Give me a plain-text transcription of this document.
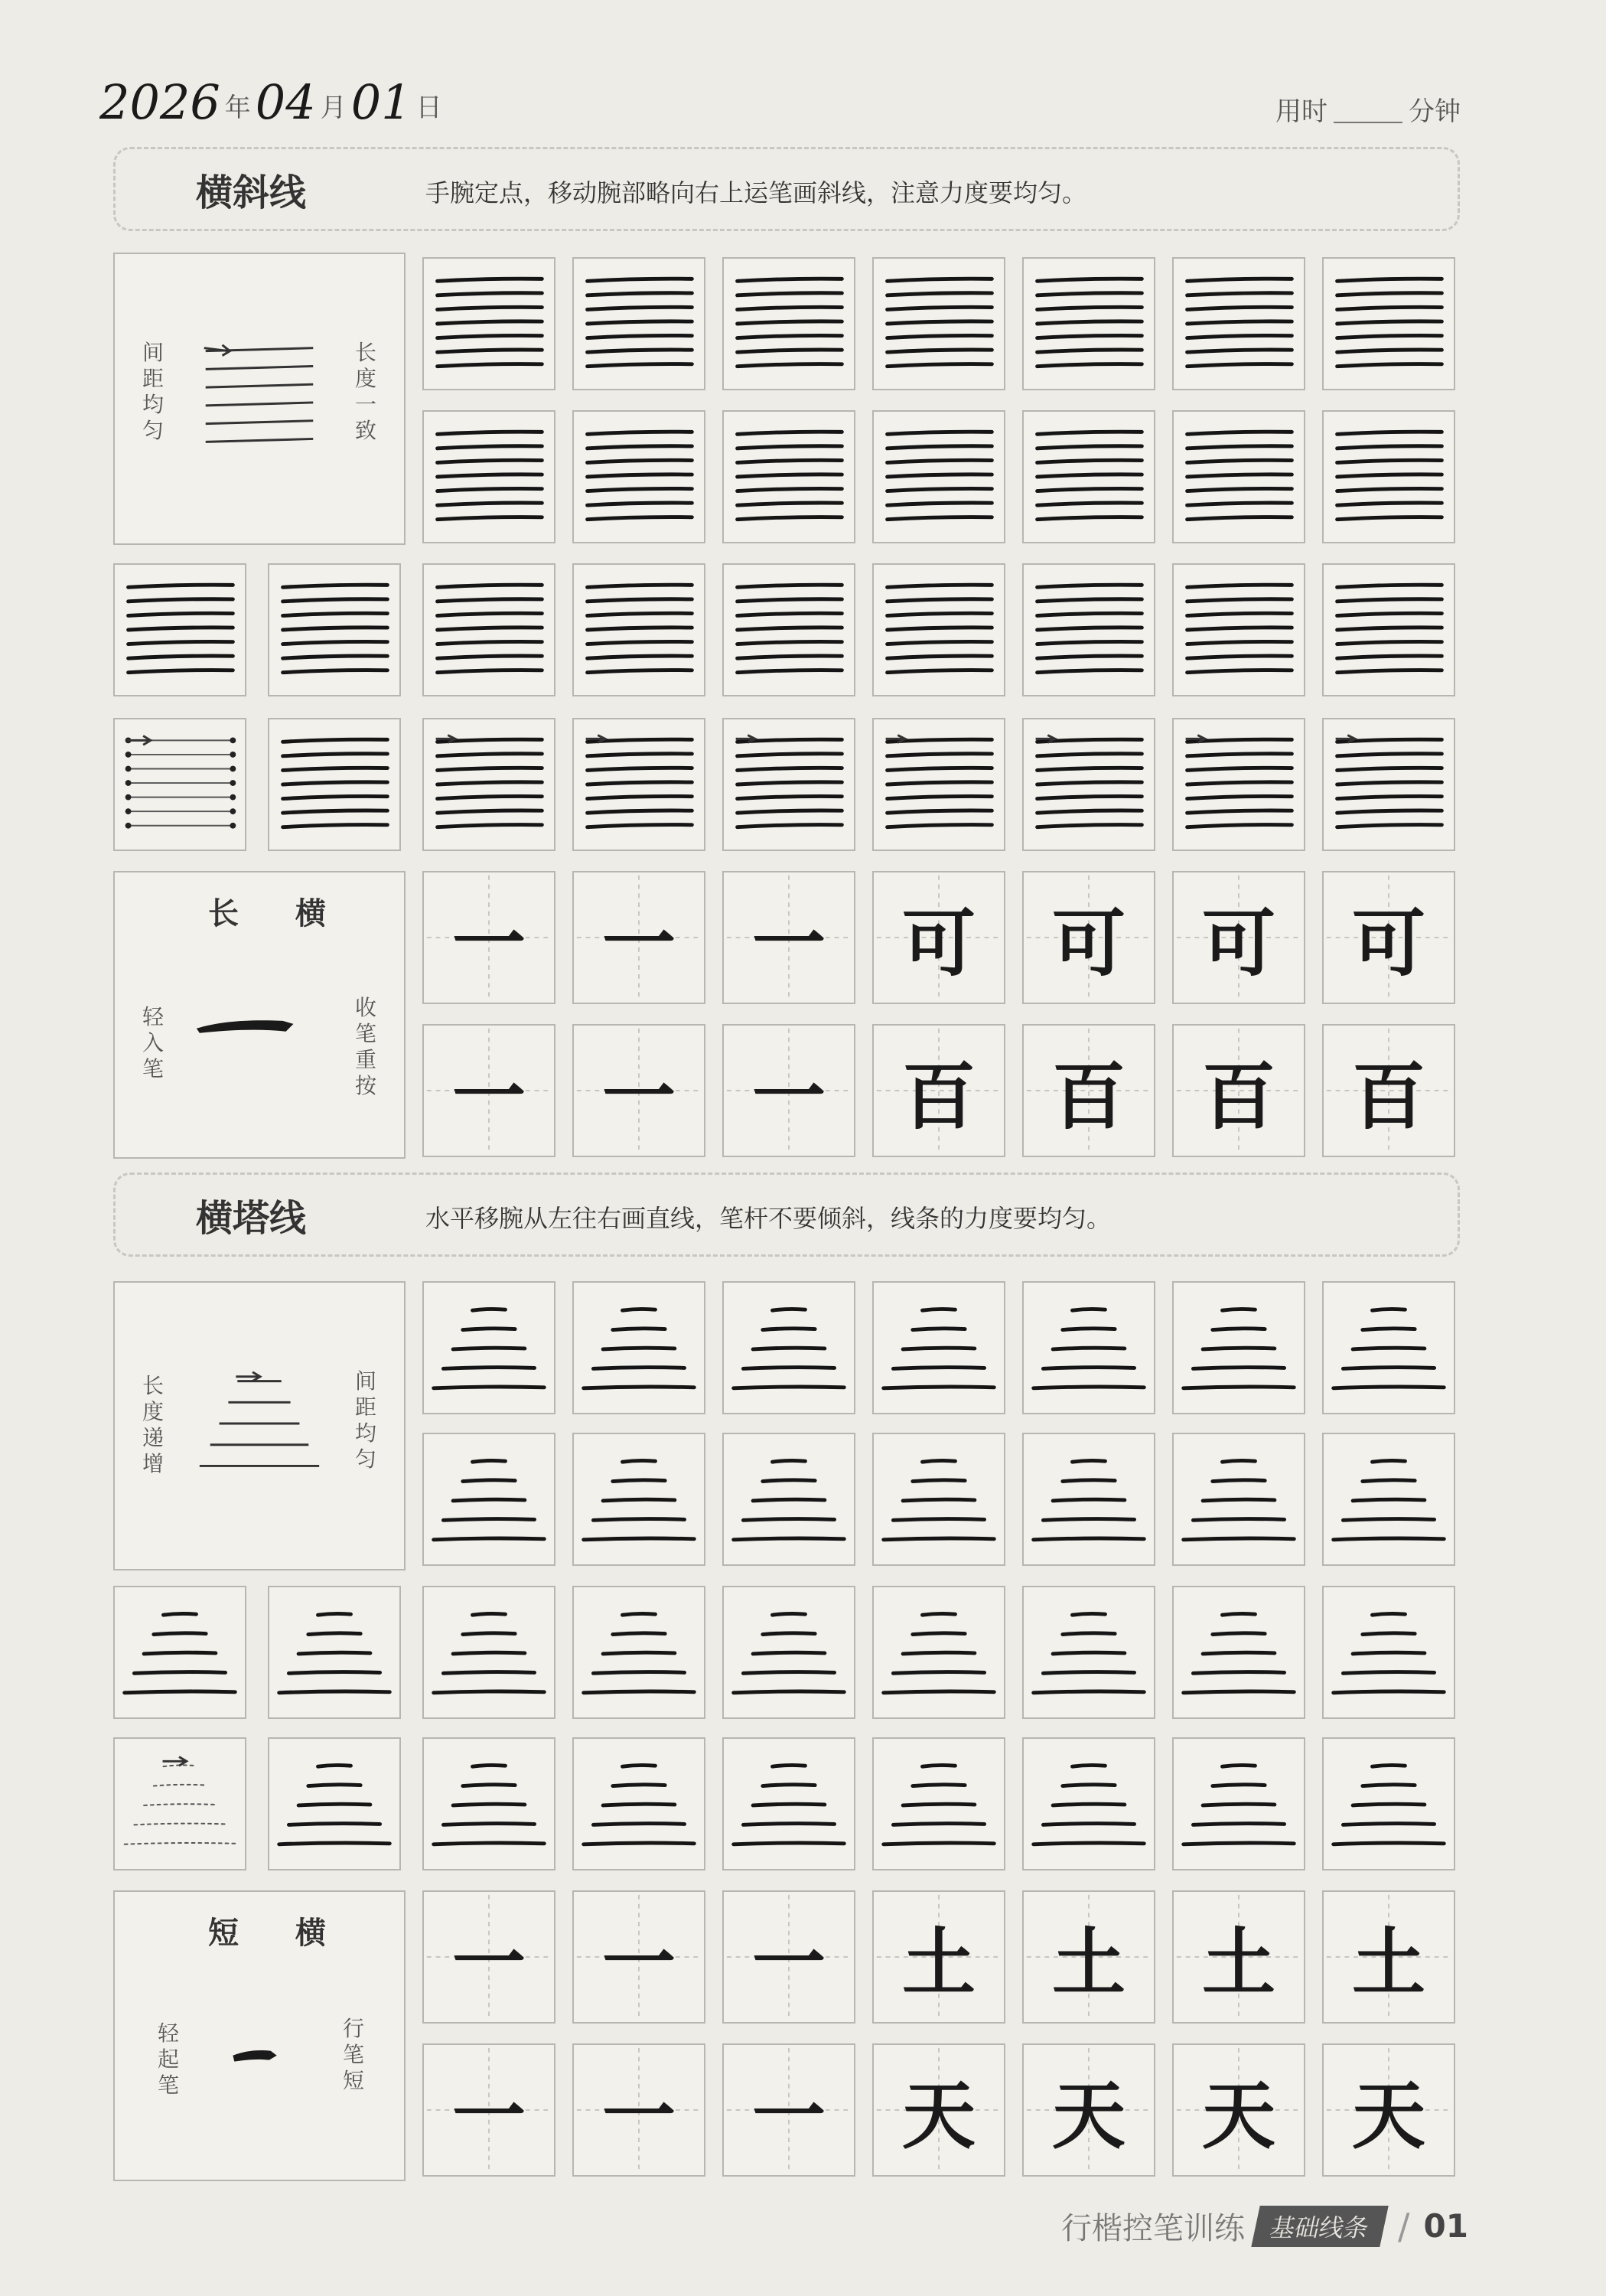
2026 年 04 月 01 日	用时	分钟
横斜线	手腕定点，移动腕部略向右上运笔画斜线，注意力度要均匀。
间距均匀
长度一致
长 横
轻入笔
收笔重按
横塔线	水平移腕从左往右画直线，笔杆不要倾斜，线条的力度要均匀。
长度递增
间距均匀
短 横
轻起笔
行笔短
行楷控笔训练 基础线条 / 01
一	一	一	可	可	可	可
一	一	一	百	百	百	百
一	一	一	土	土	土	土
一	一	一	天	天	天	天
